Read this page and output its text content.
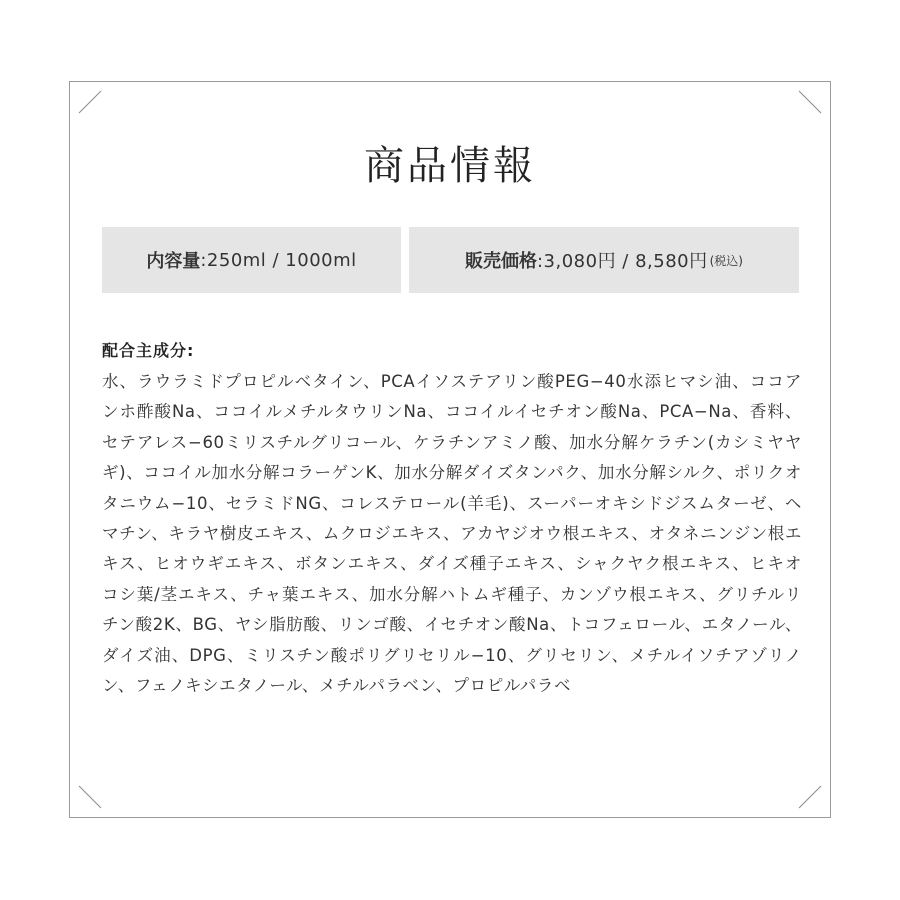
商品情報
内容量 :250ml / 1000ml	販売価格 :3,080円 / 8,580円 (税込)
配合主成分:

水、ラウラミドプロピルベタイン、PCAイソステアリン酸PEG−40水添ヒマシ油、ココアンホ酢酸Na、ココイルメチルタウリンNa、ココイルイセチオン酸Na、PCA−Na、香料、セテアレス−60ミリスチルグリコール、ケラチンアミノ酸、加水分解ケラチン(カシミヤヤギ)、ココイル加水分解コラーゲンK、加水分解ダイズタンパク、加水分解シルク、ポリクオタニウム−10、セラミドNG、コレステロール(羊毛)、スーパーオキシドジスムターゼ、ヘマチン、キラヤ樹皮エキス、ムクロジエキス、アカヤジオウ根エキス、オタネニンジン根エキス、ヒオウギエキス、ボタンエキス、ダイズ種子エキス、シャクヤク根エキス、ヒキオコシ葉/茎エキス、チャ葉エキス、加水分解ハトムギ種子、カンゾウ根エキス、グリチルリチン酸2K、BG、ヤシ脂肪酸、リンゴ酸、イセチオン酸Na、トコフェロール、エタノール、ダイズ油、DPG、ミリスチン酸ポリグリセリル−10、グリセリン、メチルイソチアゾリノン、フェノキシエタノール、メチルパラベン、プロピルパラベ
